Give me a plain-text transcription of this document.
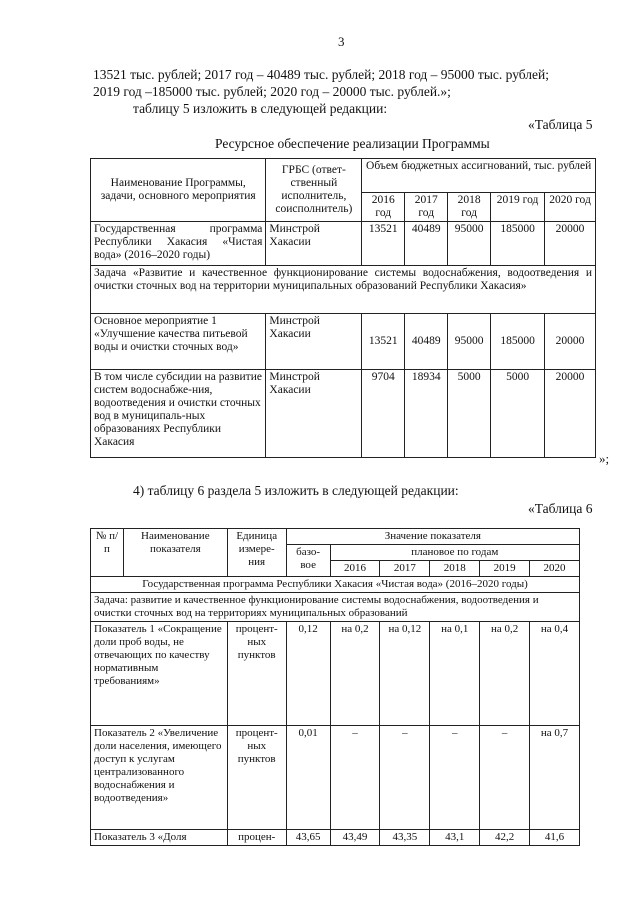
3
13521 тыс. рублей; 2017 год – 40489 тыс. рублей; 2018 год – 95000 тыс. рублей;
2019 год –185000 тыс. рублей; 2020 год – 20000 тыс. рублей.»;
таблицу 5 изложить в следующей редакции:
«Таблица 5
Ресурсное обеспечение реализации Программы
Наименование Программы, задачи, основного мероприятия	ГРБС (ответ-ственный исполнитель, соисполнитель)	Объем бюджетных ассигнований, тыс. рублей				
		2016 год	2017 год	2018 год	2019 год	2020 год
Государственная программа Республики Хакасия «Чистая вода» (2016–2020 годы)	Минстрой Хакасии	13521	40489	95000	185000	20000
Задача «Развитие и качественное функционирование системы водоснабжения, водоотведения и очистки сточных вод на территории муниципальных образований Республики Хакасия»						
Основное мероприятие 1 «Улучшение качества питьевой воды и очистки сточных вод»	Минстрой Хакасии	13521	40489	95000	185000	20000
В том числе субсидии на развитие систем водоснабже-ния, водоотведения и очистки сточных вод в муниципаль-ных образованиях Республики Хакасия	Минстрой Хакасии	9704	18934	5000	5000	20000
»;
4) таблицу 6 раздела 5 изложить в следующей редакции:
«Таблица 6
№ п/п	Наименование показателя	Единица измере-ния	Значение показателя					
			базо-вое	плановое по годам				
				2016	2017	2018	2019	2020
Государственная программа Республики Хакасия «Чистая вода» (2016–2020 годы)								
Задача: развитие и качественное функционирование системы водоснабжения, водоотведения и очистки сточных вод на территориях муниципальных образований								
Показатель 1 «Сокращение доли проб воды, не отвечающих по качеству нормативным требованиям»		процент-ных пунктов	0,12	на 0,2	на 0,12	на 0,1	на 0,2	на 0,4
Показатель 2 «Увеличение доли населения, имеющего доступ к услугам централизованного водоснабжения и водоотведения»		процент-ных пунктов	0,01	–	–	–	–	на 0,7
Показатель 3 «Доля		процен-	43,65	43,49	43,35	43,1	42,2	41,6
